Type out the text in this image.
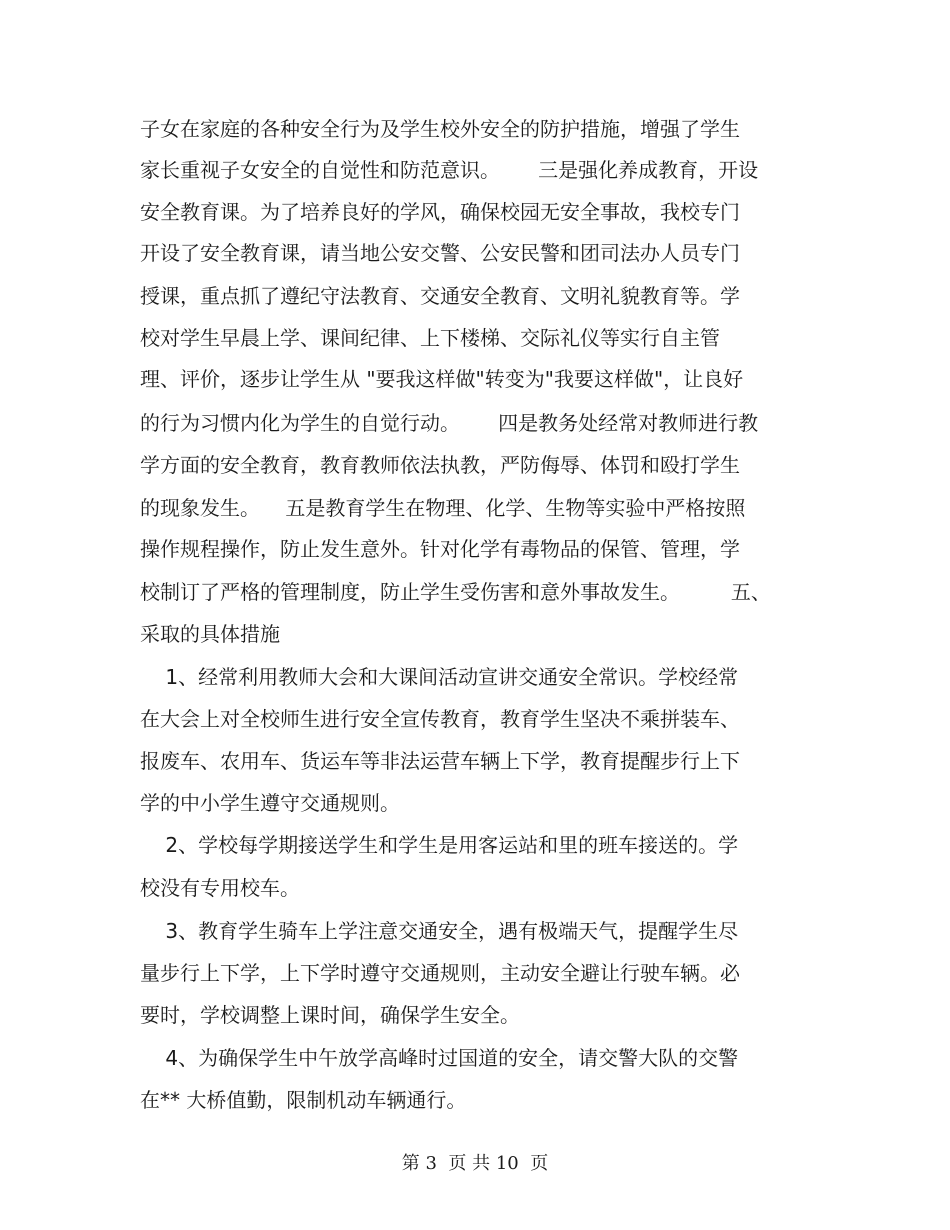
子女在家庭的各种安全行为及学生校外安全的防护措施，增强了学生
家长重视子女安全的自觉性和防范意识。      三是强化养成教育，开设
安全教育课。为了培养良好的学风，确保校园无安全事故，我校专门
开设了安全教育课，请当地公安交警、公安民警和团司法办人员专门
授课，重点抓了遵纪守法教育、交通安全教育、文明礼貌教育等。学
校对学生早晨上学、课间纪律、上下楼梯、交际礼仪等实行自主管
理、评价，逐步让学生从 "要我这样做"转变为"我要这样做"，让良好
的行为习惯内化为学生的自觉行动。      四是教务处经常对教师进行教
学方面的安全教育，教育教师依法执教，严防侮辱、体罚和殴打学生
的现象发生。    五是教育学生在物理、化学、生物等实验中严格按照
操作规程操作，防止发生意外。针对化学有毒物品的保管、管理，学
校制订了严格的管理制度，防止学生受伤害和意外事故发生。        五、
采取的具体措施
1、经常利用教师大会和大课间活动宣讲交通安全常识。学校经常
在大会上对全校师生进行安全宣传教育，教育学生坚决不乘拼装车、
报废车、农用车、货运车等非法运营车辆上下学，教育提醒步行上下
学的中小学生遵守交通规则。
2、学校每学期接送学生和学生是用客运站和里的班车接送的。学
校没有专用校车。
3、教育学生骑车上学注意交通安全，遇有极端天气，提醒学生尽
量步行上下学，上下学时遵守交通规则，主动安全避让行驶车辆。必
要时，学校调整上课时间，确保学生安全。
4、为确保学生中午放学高峰时过国道的安全，请交警大队的交警
在** 大桥值勤，限制机动车辆通行。
第 3  页 共 10  页
